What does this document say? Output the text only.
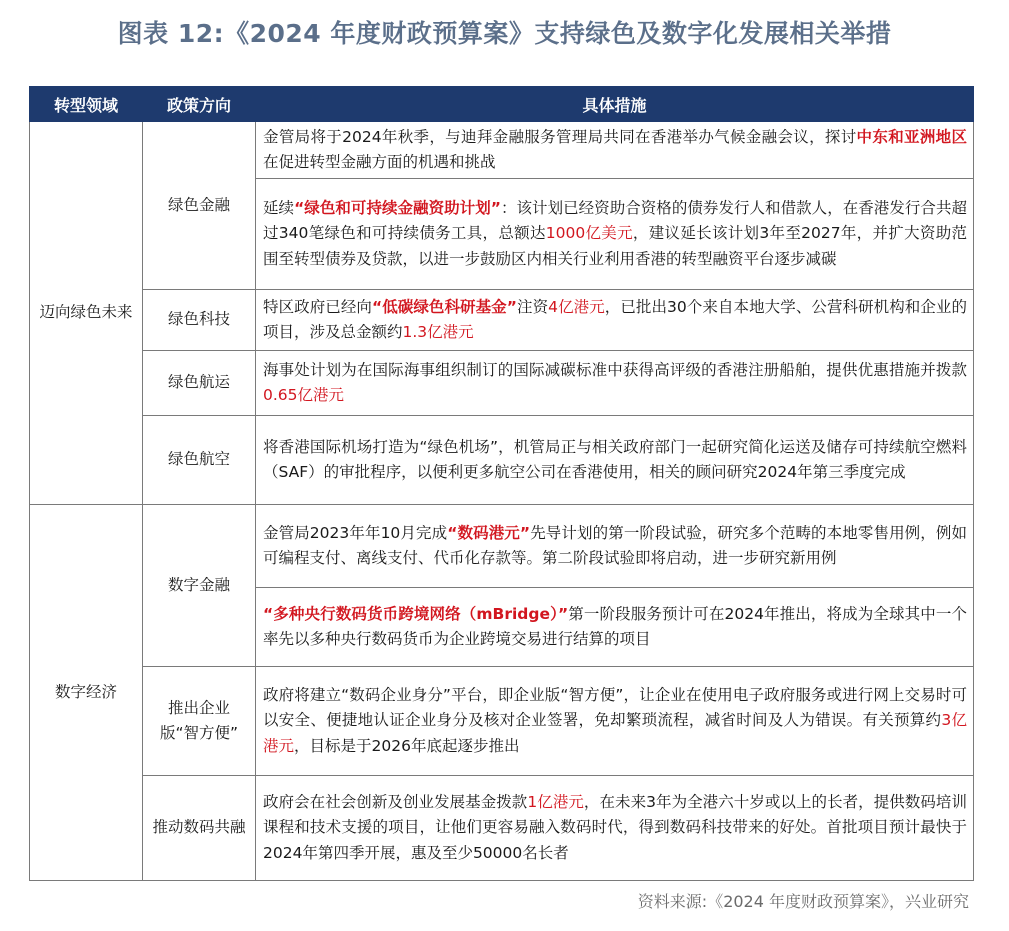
图表 12:《2024 年度财政预算案》支持绿色及数字化发展相关举措
转型领域	政策方向	具体措施
迈向绿色未来	绿色金融	金管局将于2024年秋季，与迪拜金融服务管理局共同在香港举办气候金融会议，探讨中东和亚洲地区在促进转型金融方面的机遇和挑战
		延续“绿色和可持续金融资助计划”：该计划已经资助合资格的债券发行人和借款人，在香港发行合共超过340笔绿色和可持续债务工具，总额达1000亿美元，建议延长该计划3年至2027年，并扩大资助范围至转型债券及贷款，以进一步鼓励区内相关行业利用香港的转型融资平台逐步减碳
	绿色科技	特区政府已经向“低碳绿色科研基金”注资4亿港元，已批出30个来自本地大学、公营科研机构和企业的项目，涉及总金额约1.3亿港元
	绿色航运	海事处计划为在国际海事组织制订的国际减碳标准中获得高评级的香港注册船舶，提供优惠措施并拨款0.65亿港元
	绿色航空	将香港国际机场打造为“绿色机场”，机管局正与相关政府部门一起研究简化运送及储存可持续航空燃料（SAF）的审批程序，以便利更多航空公司在香港使用，相关的顾问研究2024年第三季度完成
数字经济	数字金融	金管局2023年年10月完成“数码港元”先导计划的第一阶段试验，研究多个范畴的本地零售用例，例如可编程支付、离线支付、代币化存款等。第二阶段试验即将启动，进一步研究新用例
		“多种央行数码货币跨境网络（mBridge）”第一阶段服务预计可在2024年推出，将成为全球其中一个率先以多种央行数码货币为企业跨境交易进行结算的项目
	推出企业版“智方便”	政府将建立“数码企业身分”平台，即企业版“智方便”，让企业在使用电子政府服务或进行网上交易时可以安全、便捷地认证企业身分及核对企业签署，免却繁琐流程，减省时间及人为错误。有关预算约3亿港元，目标是于2026年底起逐步推出
	推动数码共融	政府会在社会创新及创业发展基金拨款1亿港元，在未来3年为全港六十岁或以上的长者，提供数码培训课程和技术支援的项目，让他们更容易融入数码时代，得到数码科技带来的好处。首批项目预计最快于2024年第四季开展，惠及至少50000名长者
资料来源:《2024 年度财政预算案》，兴业研究
